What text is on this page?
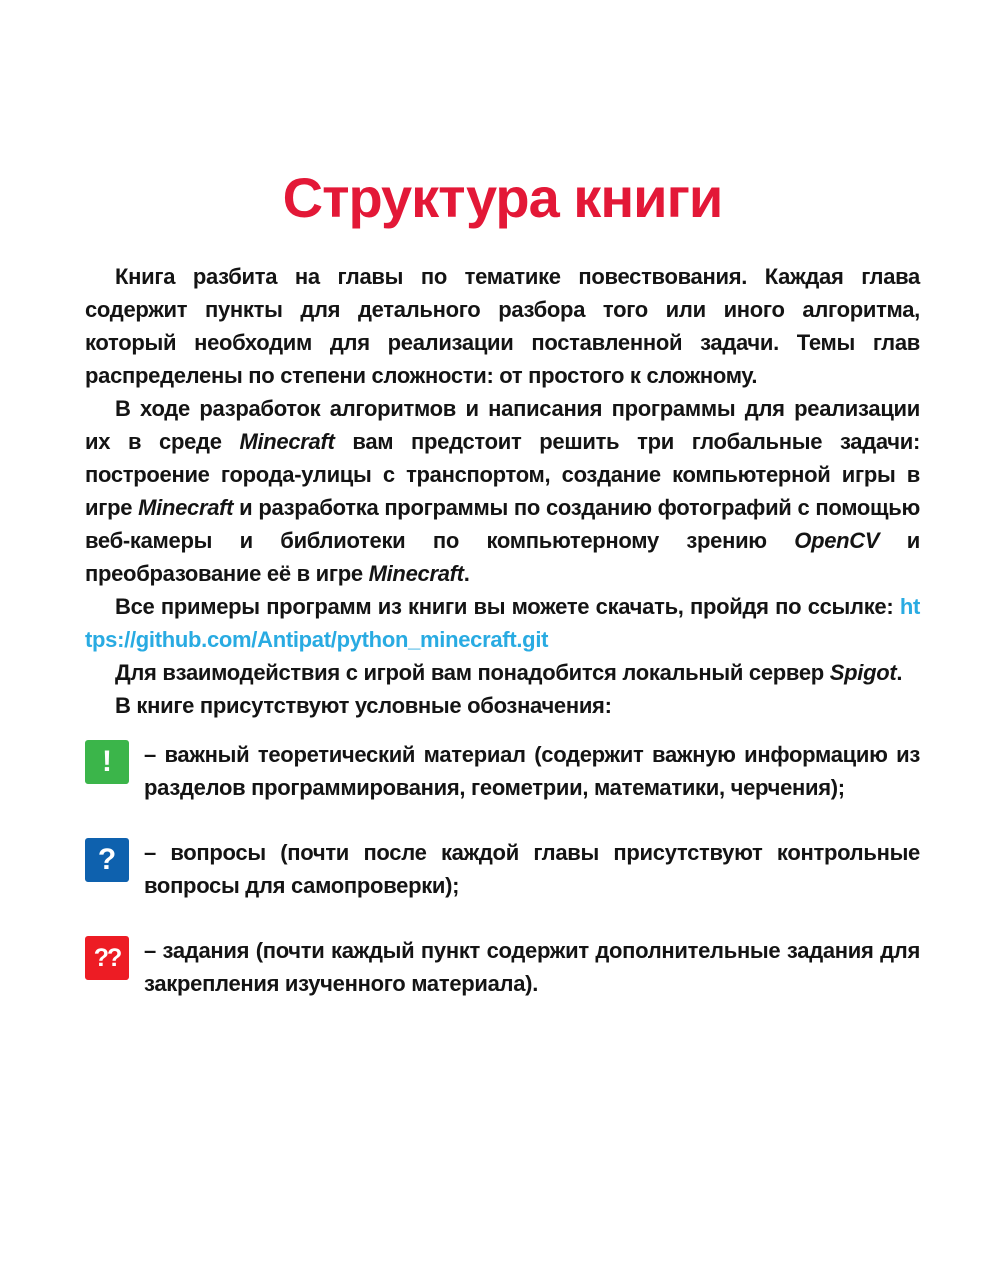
Структура книги

Книга разбита на главы по тематике повествования. Каждая глава содержит пункты для детального разбора того или иного алгоритма, который необходим для реализации поставленной задачи. Темы глав распределены по степени сложности: от простого к сложному.

В ходе разработок алгоритмов и написания программы для реализации их в среде Minecraft вам предстоит решить три глобальные задачи: построение города-улицы с транспортом, создание компьютерной игры в игре Minecraft и разработка программы по созданию фотографий с помощью веб-камеры и библиотеки по компьютерному зрению OpenCV и преобразование её в игре Minecraft.

Все примеры программ из книги вы можете скачать, пройдя по ссылке: https://github.com/Antipat/python_minecraft.git

Для взаимодействия с игрой вам понадобится локальный сервер Spigot.

В книге присутствуют условные обозначения:

! – важный теоретический материал (содержит важную информацию из разделов программирования, геометрии, математики, черчения);
? – вопросы (почти после каждой главы присутствуют контрольные вопросы для самопроверки);
?? – задания (почти каждый пункт содержит дополнительные задания для закрепления изученного материала).
